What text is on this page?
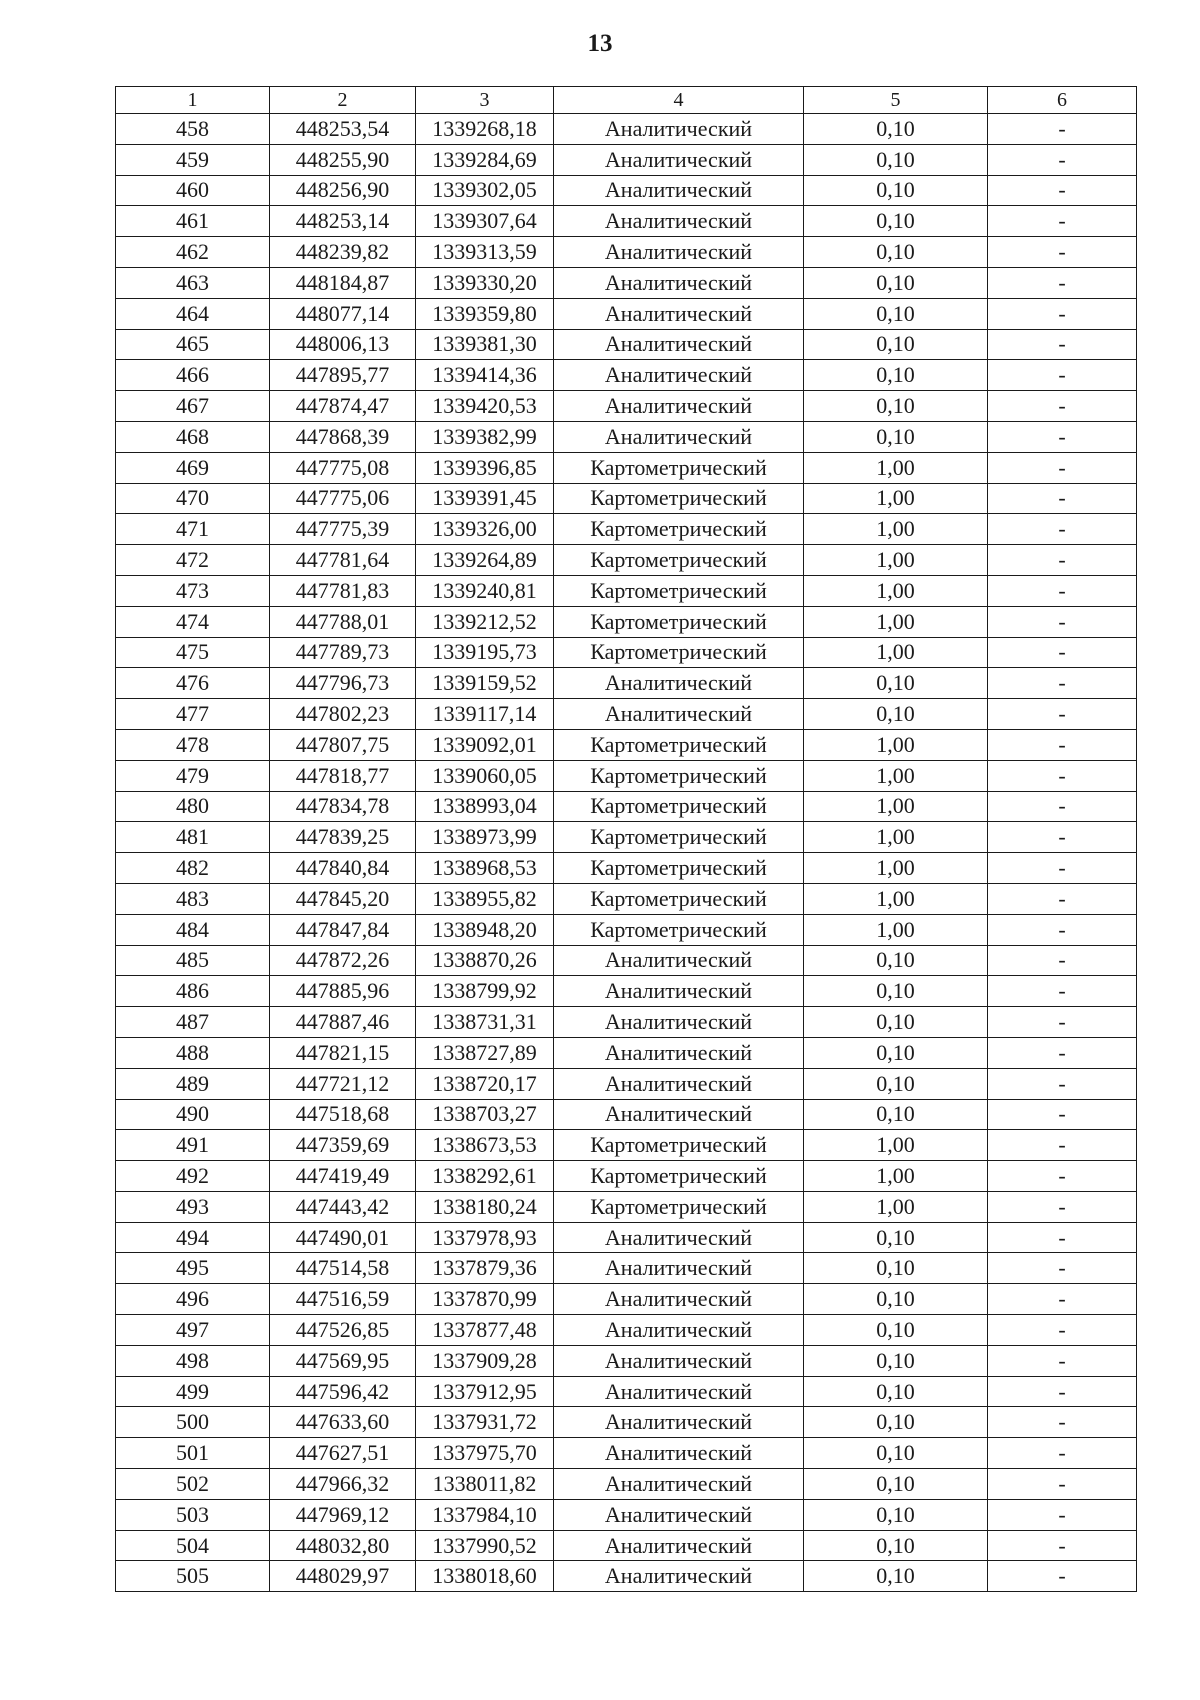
13
1	2	3	4	5	6
458	448253,54	1339268,18	Аналитический	0,10	-
459	448255,90	1339284,69	Аналитический	0,10	-
460	448256,90	1339302,05	Аналитический	0,10	-
461	448253,14	1339307,64	Аналитический	0,10	-
462	448239,82	1339313,59	Аналитический	0,10	-
463	448184,87	1339330,20	Аналитический	0,10	-
464	448077,14	1339359,80	Аналитический	0,10	-
465	448006,13	1339381,30	Аналитический	0,10	-
466	447895,77	1339414,36	Аналитический	0,10	-
467	447874,47	1339420,53	Аналитический	0,10	-
468	447868,39	1339382,99	Аналитический	0,10	-
469	447775,08	1339396,85	Картометрический	1,00	-
470	447775,06	1339391,45	Картометрический	1,00	-
471	447775,39	1339326,00	Картометрический	1,00	-
472	447781,64	1339264,89	Картометрический	1,00	-
473	447781,83	1339240,81	Картометрический	1,00	-
474	447788,01	1339212,52	Картометрический	1,00	-
475	447789,73	1339195,73	Картометрический	1,00	-
476	447796,73	1339159,52	Аналитический	0,10	-
477	447802,23	1339117,14	Аналитический	0,10	-
478	447807,75	1339092,01	Картометрический	1,00	-
479	447818,77	1339060,05	Картометрический	1,00	-
480	447834,78	1338993,04	Картометрический	1,00	-
481	447839,25	1338973,99	Картометрический	1,00	-
482	447840,84	1338968,53	Картометрический	1,00	-
483	447845,20	1338955,82	Картометрический	1,00	-
484	447847,84	1338948,20	Картометрический	1,00	-
485	447872,26	1338870,26	Аналитический	0,10	-
486	447885,96	1338799,92	Аналитический	0,10	-
487	447887,46	1338731,31	Аналитический	0,10	-
488	447821,15	1338727,89	Аналитический	0,10	-
489	447721,12	1338720,17	Аналитический	0,10	-
490	447518,68	1338703,27	Аналитический	0,10	-
491	447359,69	1338673,53	Картометрический	1,00	-
492	447419,49	1338292,61	Картометрический	1,00	-
493	447443,42	1338180,24	Картометрический	1,00	-
494	447490,01	1337978,93	Аналитический	0,10	-
495	447514,58	1337879,36	Аналитический	0,10	-
496	447516,59	1337870,99	Аналитический	0,10	-
497	447526,85	1337877,48	Аналитический	0,10	-
498	447569,95	1337909,28	Аналитический	0,10	-
499	447596,42	1337912,95	Аналитический	0,10	-
500	447633,60	1337931,72	Аналитический	0,10	-
501	447627,51	1337975,70	Аналитический	0,10	-
502	447966,32	1338011,82	Аналитический	0,10	-
503	447969,12	1337984,10	Аналитический	0,10	-
504	448032,80	1337990,52	Аналитический	0,10	-
505	448029,97	1338018,60	Аналитический	0,10	-
